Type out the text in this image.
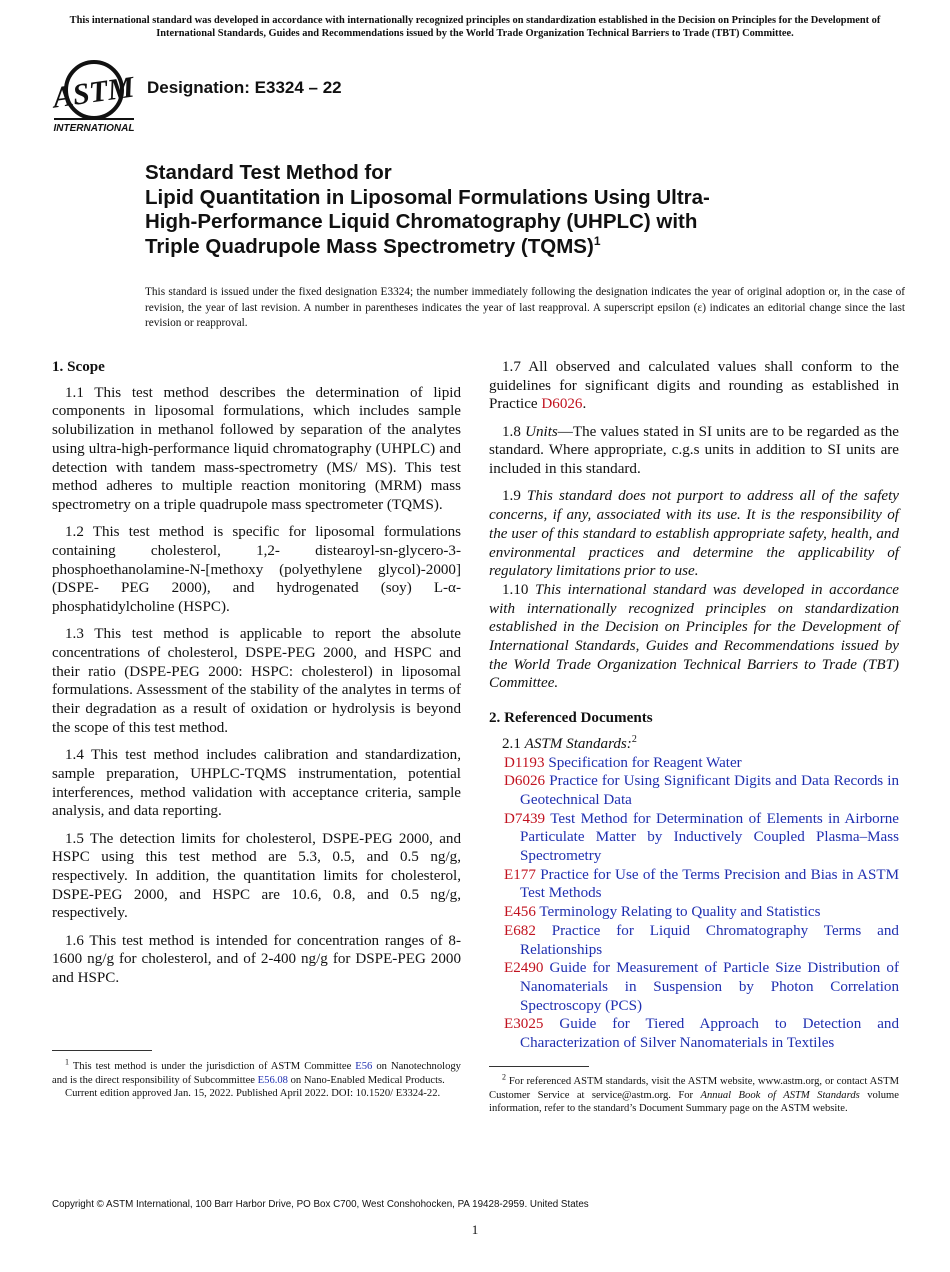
This international standard was developed in accordance with internationally recognized principles on standardization established in the Decision on Principles for the Development of International Standards, Guides and Recommendations issued by the World Trade Organization Technical Barriers to Trade (TBT) Committee.
ASTM
INTERNATIONAL
Designation: E3324 – 22
Standard Test Method for
Lipid Quantitation in Liposomal Formulations Using Ultra-
High-Performance Liquid Chromatography (UHPLC) with
Triple Quadrupole Mass Spectrometry (TQMS)$^1$
This standard is issued under the fixed designation E3324; the number immediately following the designation indicates the year of original adoption or, in the case of revision, the year of last revision. A number in parentheses indicates the year of last reapproval. A superscript epsilon (ε) indicates an editorial change since the last revision or reapproval.
1. Scope

1.1 This test method describes the determination of lipid components in liposomal formulations, which includes sample solubilization in methanol followed by separation of the analytes using ultra-high-performance liquid chromatography (UHPLC) and detection with tandem mass-spectrometry (MS/ MS). This test method adheres to multiple reaction monitoring (MRM) mass spectrometry on a triple quadrupole mass spectrometer (TQMS).

1.2 This test method is specific for liposomal formulations containing cholesterol, 1,2- distearoyl-sn-glycero-3-phosphoethanolamine-N-[methoxy (polyethylene glycol)-2000] (DSPE- PEG 2000), and hydrogenated (soy) L-α-phosphatidylcholine (HSPC).

1.3 This test method is applicable to report the absolute concentrations of cholesterol, DSPE-PEG 2000, and HSPC and their ratio (DSPE-PEG 2000: HSPC: cholesterol) in liposomal formulations. Assessment of the stability of the analytes in terms of their degradation as a result of oxidation or hydrolysis is beyond the scope of this test method.

1.4 This test method includes calibration and standardization, sample preparation, UHPLC-TQMS instrumentation, potential interferences, method validation with acceptance criteria, sample analysis, and data reporting.

1.5 The detection limits for cholesterol, DSPE-PEG 2000, and HSPC using this test method are 5.3, 0.5, and 0.5 ng/g, respectively. In addition, the quantitation limits for cholesterol, DSPE-PEG 2000, and HSPC are 10.6, 0.8, and 0.5 ng/g, respectively.

1.6 This test method is intended for concentration ranges of 8-1600 ng/g for cholesterol, and of 2-400 ng/g for DSPE-PEG 2000 and HSPC.

1.7 All observed and calculated values shall conform to the guidelines for significant digits and rounding as established in Practice D6026.

1.8 Units—The values stated in SI units are to be regarded as the standard. Where appropriate, c.g.s units in addition to SI units are included in this standard.

1.9 This standard does not purport to address all of the safety concerns, if any, associated with its use. It is the responsibility of the user of this standard to establish appropriate safety, health, and environmental practices and determine the applicability of regulatory limitations prior to use.

1.10 This international standard was developed in accordance with internationally recognized principles on standardization established in the Decision on Principles for the Development of International Standards, Guides and Recommendations issued by the World Trade Organization Technical Barriers to Trade (TBT) Committee.

2. Referenced Documents

2.1 ASTM Standards:$^2$

D1193 Specification for Reagent Water
D6026 Practice for Using Significant Digits and Data Records in Geotechnical Data
D7439 Test Method for Determination of Elements in Airborne Particulate Matter by Inductively Coupled Plasma–Mass Spectrometry
E177 Practice for Use of the Terms Precision and Bias in ASTM Test Methods
E456 Terminology Relating to Quality and Statistics
E682 Practice for Liquid Chromatography Terms and Relationships
E2490 Guide for Measurement of Particle Size Distribution of Nanomaterials in Suspension by Photon Correlation Spectroscopy (PCS)
E3025 Guide for Tiered Approach to Detection and Characterization of Silver Nanomaterials in Textiles

$^1$ This test method is under the jurisdiction of ASTM Committee E56 on Nanotechnology and is the direct responsibility of Subcommittee E56.08 on Nano-Enabled Medical Products.

Current edition approved Jan. 15, 2022. Published April 2022. DOI: 10.1520/ E3324-22.

$^2$ For referenced ASTM standards, visit the ASTM website, www.astm.org, or contact ASTM Customer Service at service@astm.org. For Annual Book of ASTM Standards volume information, refer to the standard’s Document Summary page on the ASTM website.

Copyright © ASTM International, 100 Barr Harbor Drive, PO Box C700, West Conshohocken, PA 19428-2959. United States
1
